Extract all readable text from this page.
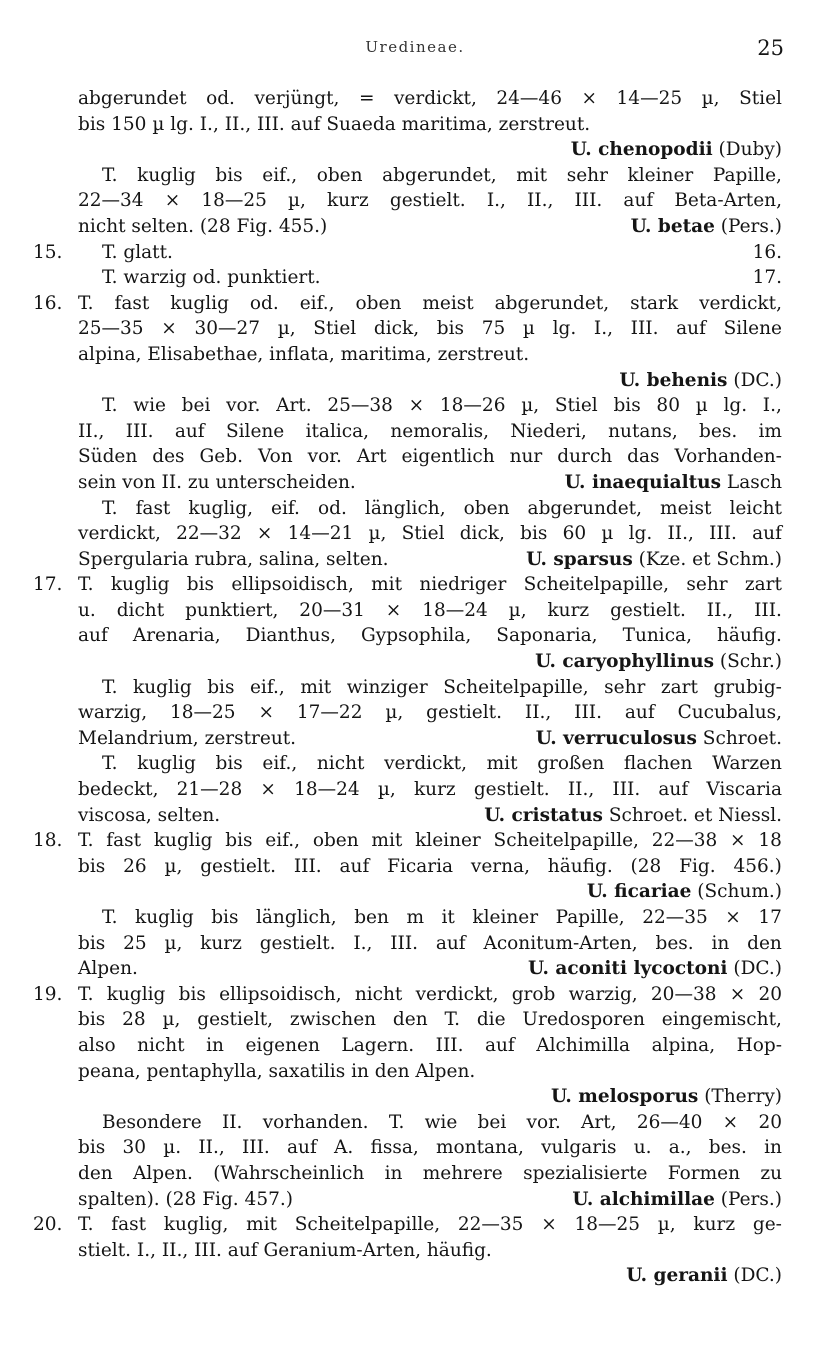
Uredineae.	25
abgerundet od. verjüngt, = verdickt, 24—46 × 14—25 µ, Stiel
bis 150 µ lg. I., II., III. auf Suaeda maritima, zerstreut.
U. chenopodii (Duby)
T. kuglig bis eif., oben abgerundet, mit sehr kleiner Papille,
22—34 × 18—25 µ, kurz gestielt. I., II., III. auf Beta-Arten,
nicht selten. (28 Fig. 455.)	U. betae (Pers.)
T. glatt.	16.
15.
T. warzig od. punktiert.	17.
T. fast kuglig od. eif., oben meist abgerundet, stark verdickt,
16.
25—35 × 30—27 µ, Stiel dick, bis 75 µ lg. I., III. auf Silene
alpina, Elisabethae, inflata, maritima, zerstreut.
U. behenis (DC.)
T. wie bei vor. Art. 25—38 × 18—26 µ, Stiel bis 80 µ lg. I.,
II., III. auf Silene italica, nemoralis, Niederi, nutans, bes. im
Süden des Geb. Von vor. Art eigentlich nur durch das Vorhanden-
sein von II. zu unterscheiden.	U. inaequialtus Lasch
T. fast kuglig, eif. od. länglich, oben abgerundet, meist leicht
verdickt, 22—32 × 14—21 µ, Stiel dick, bis 60 µ lg. II., III. auf
Spergularia rubra, salina, selten.	U. sparsus (Kze. et Schm.)
T. kuglig bis ellipsoidisch, mit niedriger Scheitelpapille, sehr zart
17.
u. dicht punktiert, 20—31 × 18—24 µ, kurz gestielt. II., III.
auf Arenaria, Dianthus, Gypsophila, Saponaria, Tunica, häufig.
U. caryophyllinus (Schr.)
T. kuglig bis eif., mit winziger Scheitelpapille, sehr zart grubig-
warzig, 18—25 × 17—22 µ, gestielt. II., III. auf Cucubalus,
Melandrium, zerstreut.	U. verruculosus Schroet.
T. kuglig bis eif., nicht verdickt, mit großen flachen Warzen
bedeckt, 21—28 × 18—24 µ, kurz gestielt. II., III. auf Viscaria
viscosa, selten.	U. cristatus Schroet. et Niessl.
T. fast kuglig bis eif., oben mit kleiner Scheitelpapille, 22—38 × 18
18.
bis 26 µ, gestielt. III. auf Ficaria verna, häufig. (28 Fig. 456.)
U. ficariae (Schum.)
T. kuglig bis länglich, ben m it kleiner Papille, 22—35 × 17
bis 25 µ, kurz gestielt. I., III. auf Aconitum-Arten, bes. in den
Alpen.	U. aconiti lycoctoni (DC.)
T. kuglig bis ellipsoidisch, nicht verdickt, grob warzig, 20—38 × 20
19.
bis 28 µ, gestielt, zwischen den T. die Uredosporen eingemischt,
also nicht in eigenen Lagern. III. auf Alchimilla alpina, Hop-
peana, pentaphylla, saxatilis in den Alpen.
U. melosporus (Therry)
Besondere II. vorhanden. T. wie bei vor. Art, 26—40 × 20
bis 30 µ. II., III. auf A. fissa, montana, vulgaris u. a., bes. in
den Alpen. (Wahrscheinlich in mehrere spezialisierte Formen zu
spalten). (28 Fig. 457.)	U. alchimillae (Pers.)
T. fast kuglig, mit Scheitelpapille, 22—35 × 18—25 µ, kurz ge-
20.
stielt. I., II., III. auf Geranium-Arten, häufig.
U. geranii (DC.)
